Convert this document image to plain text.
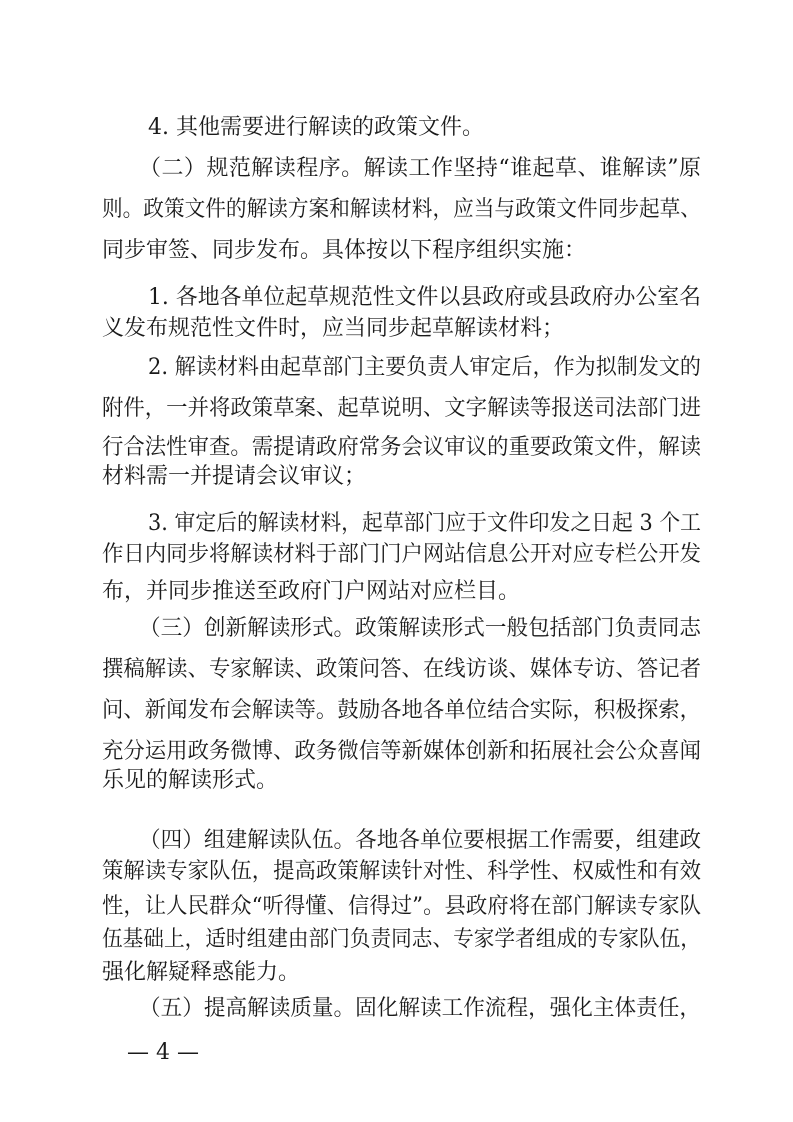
4. 其他需要进行解读的政策文件。
（二）规范解读程序。解读工作坚持“谁起草、谁解读”原
则。政策文件的解读方案和解读材料，应当与政策文件同步起草、
同步审签、同步发布。具体按以下程序组织实施：
1. 各地各单位起草规范性文件以县政府或县政府办公室名
义发布规范性文件时，应当同步起草解读材料；
2. 解读材料由起草部门主要负责人审定后，作为拟制发文的
附件，一并将政策草案、起草说明、文字解读等报送司法部门进
行合法性审查。需提请政府常务会议审议的重要政策文件，解读
材料需一并提请会议审议；
3. 审定后的解读材料，起草部门应于文件印发之日起 3 个工
作日内同步将解读材料于部门门户网站信息公开对应专栏公开发
布，并同步推送至政府门户网站对应栏目。
（三）创新解读形式。政策解读形式一般包括部门负责同志
撰稿解读、专家解读、政策问答、在线访谈、媒体专访、答记者
问、新闻发布会解读等。鼓励各地各单位结合实际，积极探索，
充分运用政务微博、政务微信等新媒体创新和拓展社会公众喜闻
乐见的解读形式。
（四）组建解读队伍。各地各单位要根据工作需要，组建政
策解读专家队伍，提高政策解读针对性、科学性、权威性和有效
性，让人民群众“听得懂、信得过”。县政府将在部门解读专家队
伍基础上，适时组建由部门负责同志、专家学者组成的专家队伍，
强化解疑释惑能力。
（五）提高解读质量。固化解读工作流程，强化主体责任，
— 4 —
